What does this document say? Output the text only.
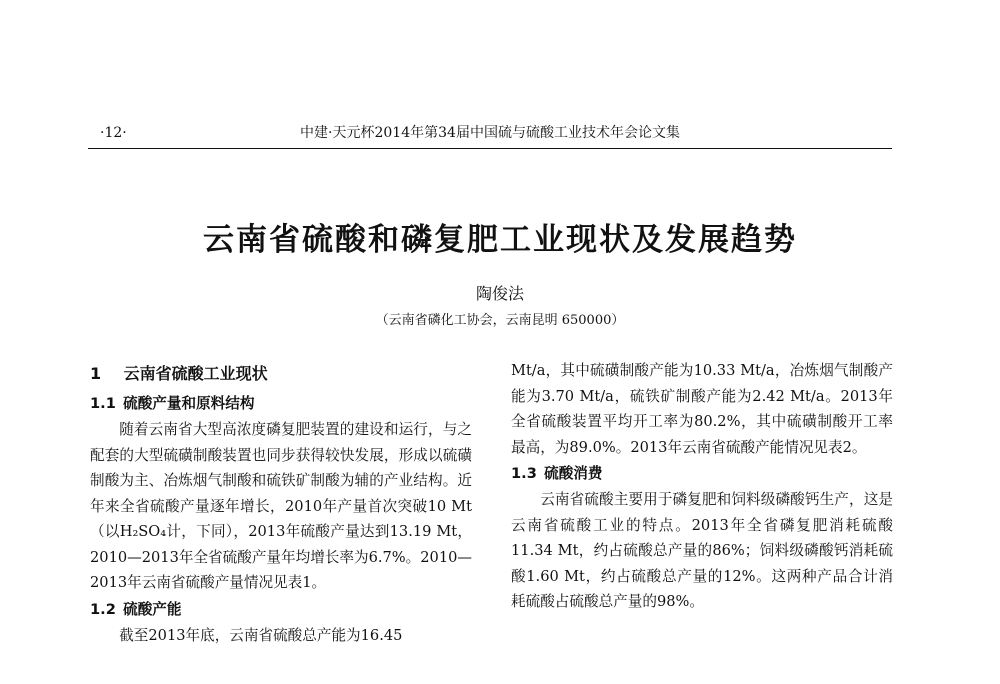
中建·天元杯2014年第34届中国硫与硫酸工业技术年会论文集
·12·
云南省硫酸和磷复肥工业现状及发展趋势
陶俊法
（云南省磷化工协会，云南昆明 650000）
1 云南省硫酸工业现状
1.1 硫酸产量和原料结构
随着云南省大型高浓度磷复肥装置的建设和运行，与之配套的大型硫磺制酸装置也同步获得较快发展，形成以硫磺制酸为主、冶炼烟气制酸和硫铁矿制酸为辅的产业结构。近年来全省硫酸产量逐年增长，2010年产量首次突破10 Mt（以H₂SO₄计，下同），2013年硫酸产量达到13.19 Mt，2010—2013年全省硫酸产量年均增长率为6.7%。2010—2013年云南省硫酸产量情况见表1。
1.2 硫酸产能
截至2013年底，云南省硫酸总产能为16.45
Mt/a，其中硫磺制酸产能为10.33 Mt/a，冶炼烟气制酸产能为3.70 Mt/a，硫铁矿制酸产能为2.42 Mt/a。2013年全省硫酸装置平均开工率为80.2%，其中硫磺制酸开工率最高，为89.0%。2013年云南省硫酸产能情况见表2。
1.3 硫酸消费
云南省硫酸主要用于磷复肥和饲料级磷酸钙生产，这是云南省硫酸工业的特点。2013年全省磷复肥消耗硫酸11.34 Mt，约占硫酸总产量的86%；饲料级磷酸钙消耗硫酸1.60 Mt，约占硫酸总产量的12%。这两种产品合计消耗硫酸占硫酸总产量的98%。
